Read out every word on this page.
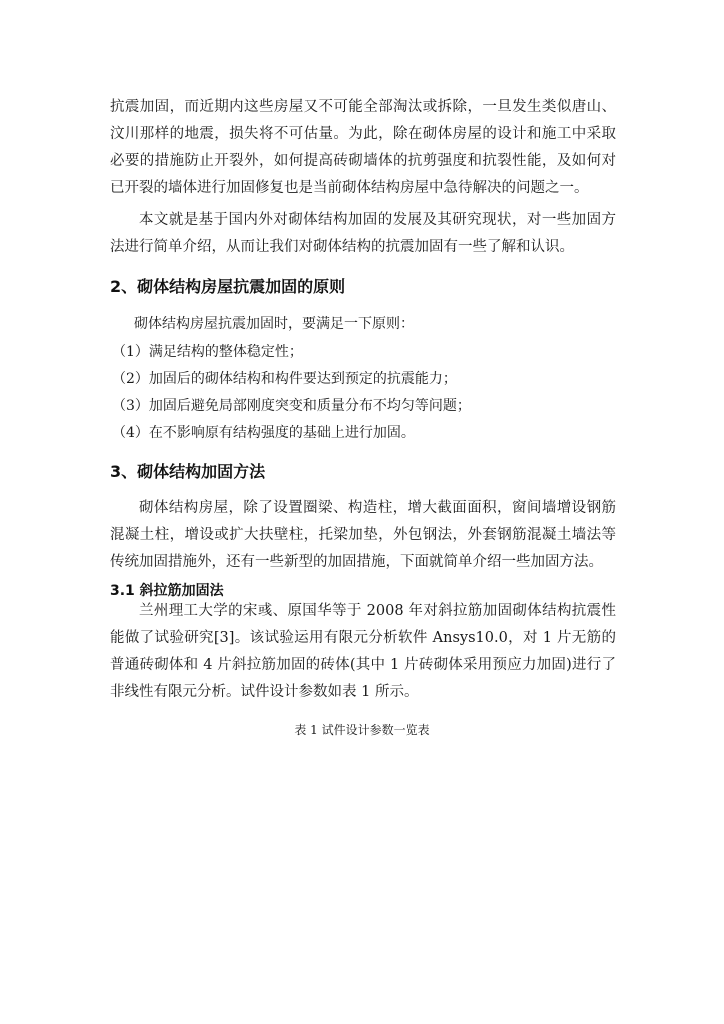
抗震加固，而近期内这些房屋又不可能全部淘汰或拆除，一旦发生类似唐山、汶川那样的地震，损失将不可估量。为此，除在砌体房屋的设计和施工中采取必要的措施防止开裂外，如何提高砖砌墙体的抗剪强度和抗裂性能，及如何对已开裂的墙体进行加固修复也是当前砌体结构房屋中急待解决的问题之一。

本文就是基于国内外对砌体结构加固的发展及其研究现状，对一些加固方法进行简单介绍，从而让我们对砌体结构的抗震加固有一些了解和认识。

2、砌体结构房屋抗震加固的原则

砌体结构房屋抗震加固时，要满足一下原则：

（1）满足结构的整体稳定性；

（2）加固后的砌体结构和构件要达到预定的抗震能力；

（3）加固后避免局部刚度突变和质量分布不均匀等问题；

（4）在不影响原有结构强度的基础上进行加固。

3、砌体结构加固方法

砌体结构房屋，除了设置圈梁、构造柱，增大截面面积，窗间墙增设钢筋混凝土柱，增设或扩大扶壁柱，托梁加垫，外包钢法，外套钢筋混凝土墙法等传统加固措施外，还有一些新型的加固措施，下面就简单介绍一些加固方法。

3.1 斜拉筋加固法

兰州理工大学的宋彧、原国华等于 2008 年对斜拉筋加固砌体结构抗震性能做了试验研究[3]。该试验运用有限元分析软件 Ansys10.0，对 1 片无筋的普通砖砌体和 4 片斜拉筋加固的砖体(其中 1 片砖砌体采用预应力加固)进行了非线性有限元分析。试件设计参数如表 1 所示。

表 1 试件设计参数一览表
